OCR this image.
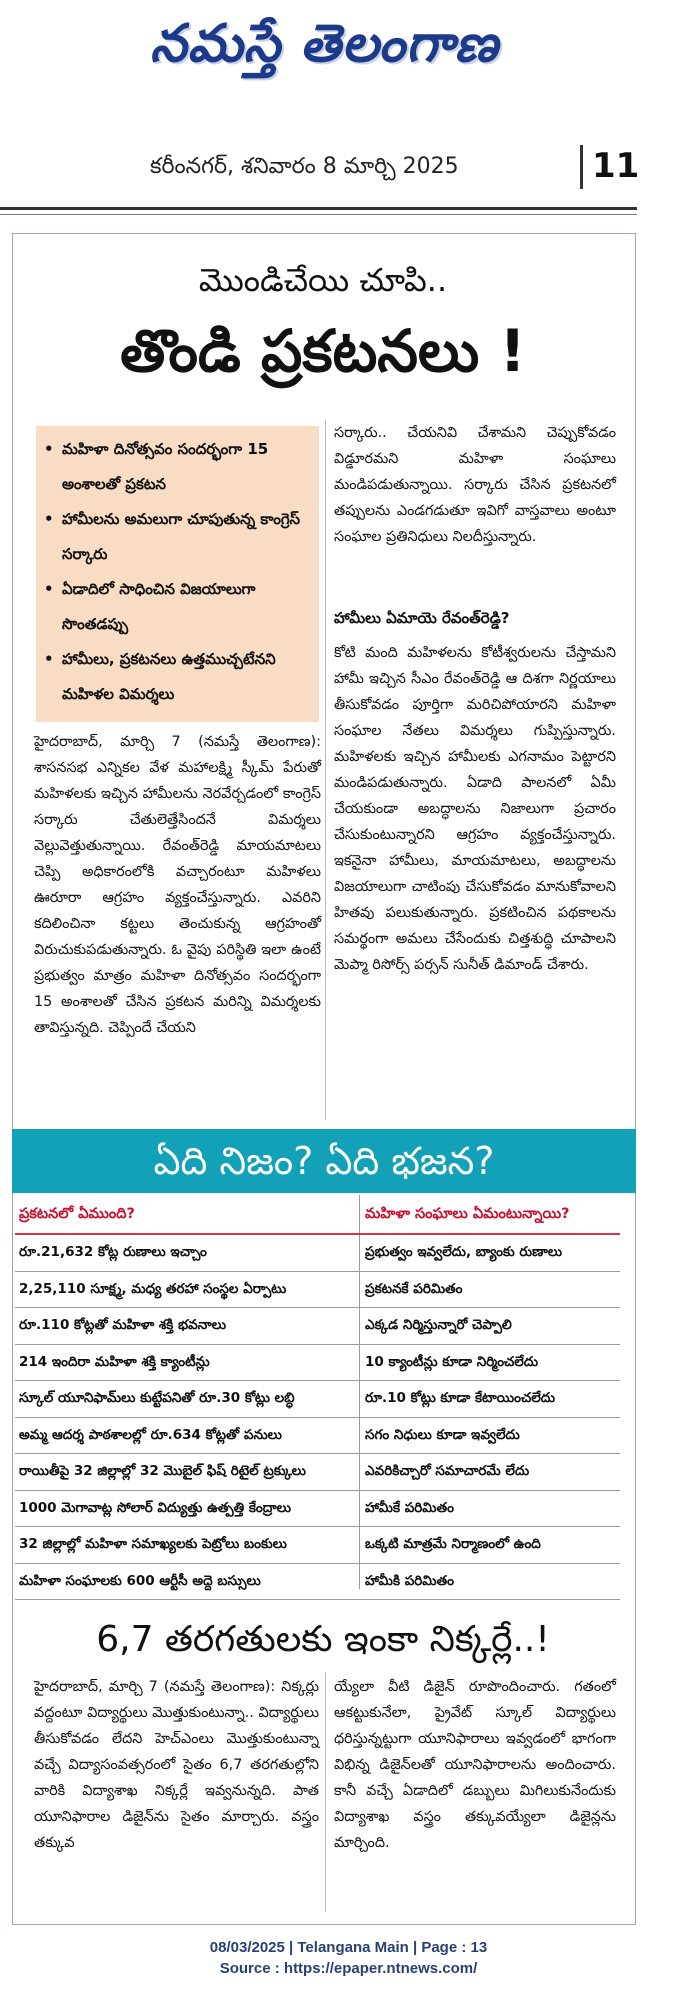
నమస్తే తెలంగాణ
కరీంనగర్, శనివారం 8 మార్చి 2025	11
మొండిచేయి చూపి..
తొండి ప్రకటనలు !
• మహిళా దినోత్సవం సందర్భంగా 15 అంశాలతో ప్రకటన
• హామీలను అమలుగా చూపుతున్న కాంగ్రెస్ సర్కారు
• ఏడాదిలో సాధించిన విజయాలుగా సొంతడప్పు
• హామీలు, ప్రకటనలు ఉత్తముచ్చటేనని మహిళల విమర్శలు
హైదరాబాద్, మార్చి 7 (నమస్తే తెలంగాణ): శాసనసభ ఎన్నికల వేళ మహాలక్ష్మి స్కీమ్ పేరుతో మహిళలకు ఇచ్చిన హామీలను నెరవేర్చడంలో కాంగ్రెస్ సర్కారు చేతులెత్తేసిందనే విమర్శలు వెల్లువెత్తుతున్నాయి. రేవంత్‌రెడ్డి మాయమాటలు చెప్పి అధికారంలోకి వచ్చారంటూ మహిళలు ఊరూరా ఆగ్రహం వ్యక్తంచేస్తున్నారు. ఎవరిని కదిలించినా కట్టలు తెంచుకున్న ఆగ్రహంతో విరుచుకుపడుతున్నారు. ఓ వైపు పరిస్థితి ఇలా ఉంటే ప్రభుత్వం మాత్రం మహిళా దినోత్సవం సందర్భంగా 15 అంశాలతో చేసిన ప్రకటన మరిన్ని విమర్శలకు తావిస్తున్నది. చెప్పిందే చేయని
సర్కారు.. చేయనివి చేశామని చెప్పుకోవడం విడ్డూరమని మహిళా సంఘాలు మండిపడుతున్నాయి. సర్కారు చేసిన ప్రకటనలో తప్పులను ఎండగడుతూ ఇవిగో వాస్తవాలు అంటూ సంఘాల ప్రతినిధులు నిలదీస్తున్నారు.
హామీలు ఏమాయె రేవంత్‌రెడ్డి?
కోటి మంది మహిళలను కోటీశ్వరులను చేస్తామని హామీ ఇచ్చిన సీఎం రేవంత్‌రెడ్డి ఆ దిశగా నిర్ణయాలు తీసుకోవడం పూర్తిగా మరిచిపోయారని మహిళా సంఘాల నేతలు విమర్శలు గుప్పిస్తున్నారు. మహిళలకు ఇచ్చిన హామీలకు ఎగనామం పెట్టారని మండిపడుతున్నారు. ఏడాది పాలనలో ఏమీ చేయకుండా అబద్ధాలను నిజాలుగా ప్రచారం చేసుకుంటున్నారని ఆగ్రహం వ్యక్తంచేస్తున్నారు. ఇకనైనా హామీలు, మాయమాటలు, అబద్ధాలను విజయాలుగా చాటింపు చేసుకోవడం మానుకోవాలని హితవు పలుకుతున్నారు. ప్రకటించిన పథకాలను సమర్థంగా అమలు చేసేందుకు చిత్తశుద్ధి చూపాలని మెప్మా రిసోర్స్ పర్సన్ సునీత్ డిమాండ్ చేశారు.
ఏది నిజం? ఏది భజన?
ప్రకటనలో ఏముంది?	మహిళా సంఘాలు ఏమంటున్నాయి?
రూ.21,632 కోట్ల రుణాలు ఇచ్చాం	ప్రభుత్వం ఇవ్వలేదు, బ్యాంకు రుణాలు
2,25,110 సూక్ష్మ, మధ్య తరహా సంస్థల ఏర్పాటు	ప్రకటనకే పరిమితం
రూ.110 కోట్లతో మహిళా శక్తి భవనాలు	ఎక్కడ నిర్మిస్తున్నారో చెప్పాలి
214 ఇందిరా మహిళా శక్తి క్యాంటీన్లు	10 క్యాంటీన్లు కూడా నిర్మించలేదు
స్కూల్ యూనిఫామ్‌లు కుట్టేపనితో రూ.30 కోట్లు లబ్ధి	రూ.10 కోట్లు కూడా కేటాయించలేదు
అమ్మ ఆదర్శ పాఠశాలల్లో రూ.634 కోట్లతో పనులు	సగం నిధులు కూడా ఇవ్వలేదు
రాయితీపై 32 జిల్లాల్లో 32 మొబైల్ ఫిష్ రిటైల్ ట్రక్కులు	ఎవరికిచ్చారో సమాచారమే లేదు
1000 మెగావాట్ల సోలార్ విద్యుత్తు ఉత్పత్తి కేంద్రాలు	హామీకే పరిమితం
32 జిల్లాల్లో మహిళా సమాఖ్యలకు పెట్రోలు బంకులు	ఒక్కటి మాత్రమే నిర్మాణంలో ఉంది
మహిళా సంఘాలకు 600 ఆర్టీసీ అద్దె బస్సులు	హామీకి పరిమితం
6,7 తరగతులకు ఇంకా నిక్కర్లే..!
హైదరాబాద్, మార్చి 7 (నమస్తే తెలంగాణ): నిక్కర్లు వద్దంటూ విద్యార్థులు మొత్తుకుంటున్నా.. విద్యార్థులు తీసుకోవడం లేదని హెచ్‌ఎంలు మొత్తుకుంటున్నా వచ్చే విద్యాసంవత్సరంలో సైతం 6,7 తరగతుల్లోని వారికి విద్యాశాఖ నిక్కర్లే ఇవ్వనున్నది. పాత యూనిఫారాల డిజైన్‌ను సైతం మార్చారు. వస్త్రం తక్కువ
య్యేలా వీటి డిజైన్ రూపొందించారు. గతంలో ఆకట్టుకునేలా, ప్రైవేట్ స్కూల్ విద్యార్థులు ధరిస్తున్నట్టుగా యూనిఫారాలు ఇవ్వడంలో భాగంగా విభిన్న డిజైన్‌లతో యూనిఫారాలను అందించారు. కానీ వచ్చే ఏడాదిలో డబ్బులు మిగిలుకునేందుకు విద్యాశాఖ వస్త్రం తక్కువయ్యేలా డిజైన్లను మార్చింది.
08/03/2025 | Telangana Main | Page : 13
Source : https://epaper.ntnews.com/
